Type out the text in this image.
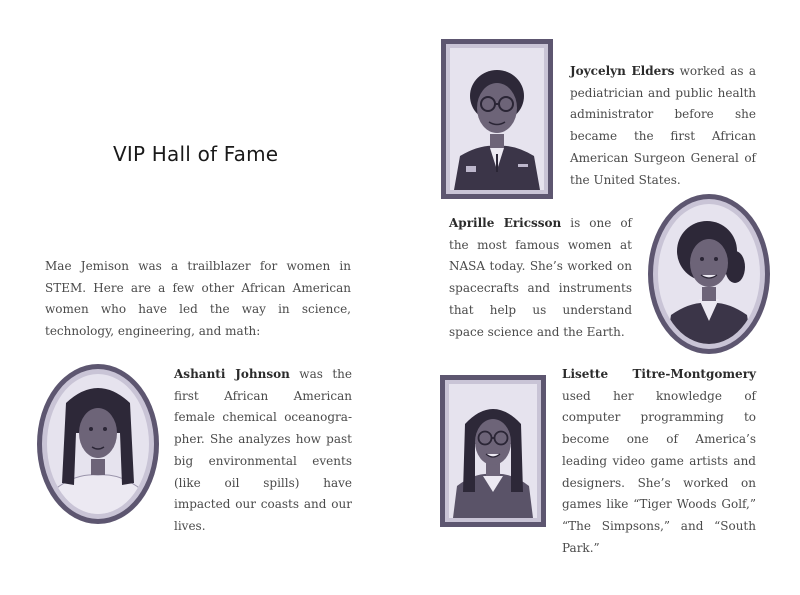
VIP Hall of Fame
Mae Jemison was a trailblazer for women in STEM. Here are a few other African American women who have led the way in science, technology, engineering, and math:
Joycelyn Elders worked as a pediatrician and public health administrator before she became the first African American Surgeon General of the United States.
Aprille Ericsson is one of the most famous women at NASA today. She’s worked on spacecrafts and instruments that help us understand space science and the Earth.
Ashanti Johnson was the first African American female chemical oceanographer. She analyzes how past big environmental events (like oil spills) have impacted our coasts and our lives.
Lisette Titre-Montgomery used her knowledge of computer programming to become one of America’s leading video game artists and designers. She’s worked on games like “Tiger Woods Golf,” “The Simpsons,” and “South Park.”
